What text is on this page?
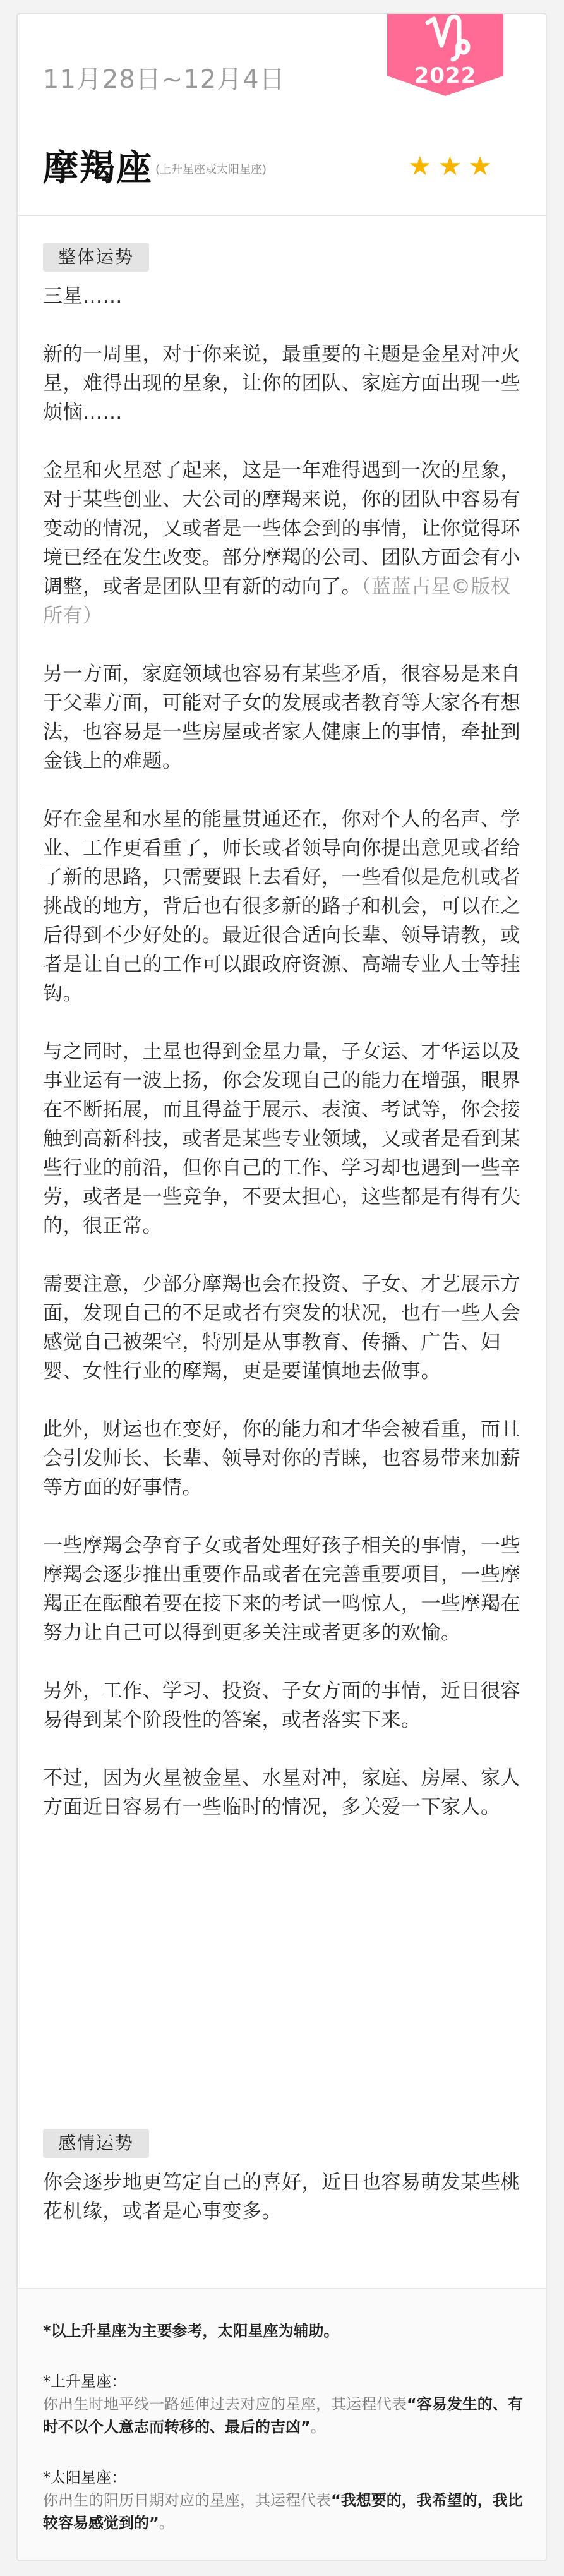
11月28日~12月4日	2022
摩羯座 (上升星座或太阳星座)	★★★
整体运势

三星……

新的一周里，对于你来说，最重要的主题是金星对冲火星，难得出现的星象，让你的团队、家庭方面出现一些烦恼……

金星和火星怼了起来，这是一年难得遇到一次的星象，对于某些创业、大公司的摩羯来说，你的团队中容易有变动的情况，又或者是一些体会到的事情，让你觉得环境已经在发生改变。部分摩羯的公司、团队方面会有小调整，或者是团队里有新的动向了。（蓝蓝占星©版权所有）

另一方面，家庭领域也容易有某些矛盾，很容易是来自于父辈方面，可能对子女的发展或者教育等大家各有想法，也容易是一些房屋或者家人健康上的事情，牵扯到金钱上的难题。

好在金星和水星的能量贯通还在，你对个人的名声、学业、工作更看重了，师长或者领导向你提出意见或者给了新的思路，只需要跟上去看好，一些看似是危机或者挑战的地方，背后也有很多新的路子和机会，可以在之后得到不少好处的。最近很合适向长辈、领导请教，或者是让自己的工作可以跟政府资源、高端专业人士等挂钩。

与之同时，土星也得到金星力量，子女运、才华运以及事业运有一波上扬，你会发现自己的能力在增强，眼界在不断拓展，而且得益于展示、表演、考试等，你会接触到高新科技，或者是某些专业领域，又或者是看到某些行业的前沿，但你自己的工作、学习却也遇到一些辛劳，或者是一些竞争，不要太担心，这些都是有得有失的，很正常。

需要注意，少部分摩羯也会在投资、子女、才艺展示方面，发现自己的不足或者有突发的状况，也有一些人会感觉自己被架空，特别是从事教育、传播、广告、妇婴、女性行业的摩羯，更是要谨慎地去做事。

此外，财运也在变好，你的能力和才华会被看重，而且会引发师长、长辈、领导对你的青睐，也容易带来加薪等方面的好事情。

一些摩羯会孕育子女或者处理好孩子相关的事情，一些摩羯会逐步推出重要作品或者在完善重要项目，一些摩羯正在酝酿着要在接下来的考试一鸣惊人，一些摩羯在努力让自己可以得到更多关注或者更多的欢愉。

另外，工作、学习、投资、子女方面的事情，近日很容易得到某个阶段性的答案，或者落实下来。

不过，因为火星被金星、水星对冲，家庭、房屋、家人方面近日容易有一些临时的情况，多关爱一下家人。

感情运势

你会逐步地更笃定自己的喜好，近日也容易萌发某些桃花机缘，或者是心事变多。

*以上升星座为主要参考，太阳星座为辅助。
*上升星座：
你出生时地平线一路延伸过去对应的星座，其运程代表“容易发生的、有时不以个人意志而转移的、最后的吉凶”。
*太阳星座：
你出生的阳历日期对应的星座，其运程代表“我想要的，我希望的，我比较容易感觉到的”。
